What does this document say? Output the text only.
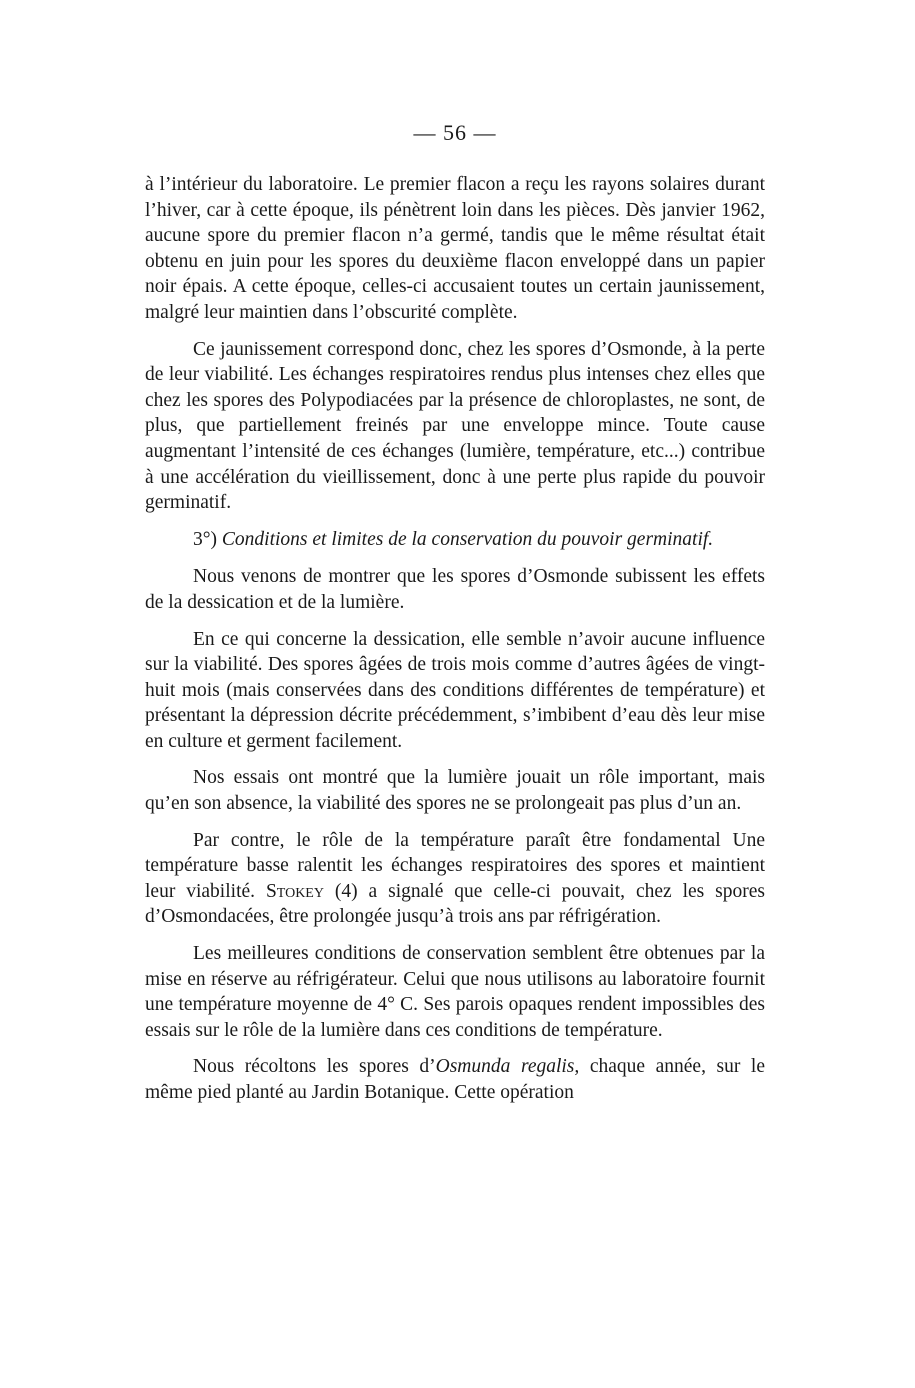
— 56 —

à l’intérieur du laboratoire. Le premier flacon a reçu les rayons solaires durant l’hiver, car à cette époque, ils pénètrent loin dans les pièces. Dès janvier 1962, aucune spore du premier flacon n’a germé, tandis que le même résultat était obtenu en juin pour les spores du deuxième flacon enveloppé dans un papier noir épais. A cette époque, celles-ci accusaient toutes un certain jaunissement, malgré leur maintien dans l’obscurité complète.

Ce jaunissement correspond donc, chez les spores d’Osmonde, à la perte de leur viabilité. Les échanges respiratoires rendus plus intenses chez elles que chez les spores des Polypodiacées par la présence de chloroplastes, ne sont, de plus, que partiellement freinés par une enveloppe mince. Toute cause augmentant l’intensité de ces échanges (lumière, température, etc...) contribue à une accélération du vieillissement, donc à une perte plus rapide du pouvoir germinatif.

3°) Conditions et limites de la conservation du pouvoir germinatif.

Nous venons de montrer que les spores d’Osmonde subissent les effets de la dessication et de la lumière.

En ce qui concerne la dessication, elle semble n’avoir aucune influence sur la viabilité. Des spores âgées de trois mois comme d’autres âgées de vingt-huit mois (mais conservées dans des conditions différentes de température) et présentant la dépression décrite précédemment, s’imbibent d’eau dès leur mise en culture et germent facilement.

Nos essais ont montré que la lumière jouait un rôle important, mais qu’en son absence, la viabilité des spores ne se prolongeait pas plus d’un an.

Par contre, le rôle de la température paraît être fondamental Une température basse ralentit les échanges respiratoires des spores et maintient leur viabilité. Stokey (4) a signalé que celle-ci pouvait, chez les spores d’Osmondacées, être prolongée jusqu’à trois ans par réfrigération.

Les meilleures conditions de conservation semblent être obtenues par la mise en réserve au réfrigérateur. Celui que nous utilisons au laboratoire fournit une température moyenne de 4° C. Ses parois opaques rendent impossibles des essais sur le rôle de la lumière dans ces conditions de température.

Nous récoltons les spores d’Osmunda regalis, chaque année, sur le même pied planté au Jardin Botanique. Cette opération
